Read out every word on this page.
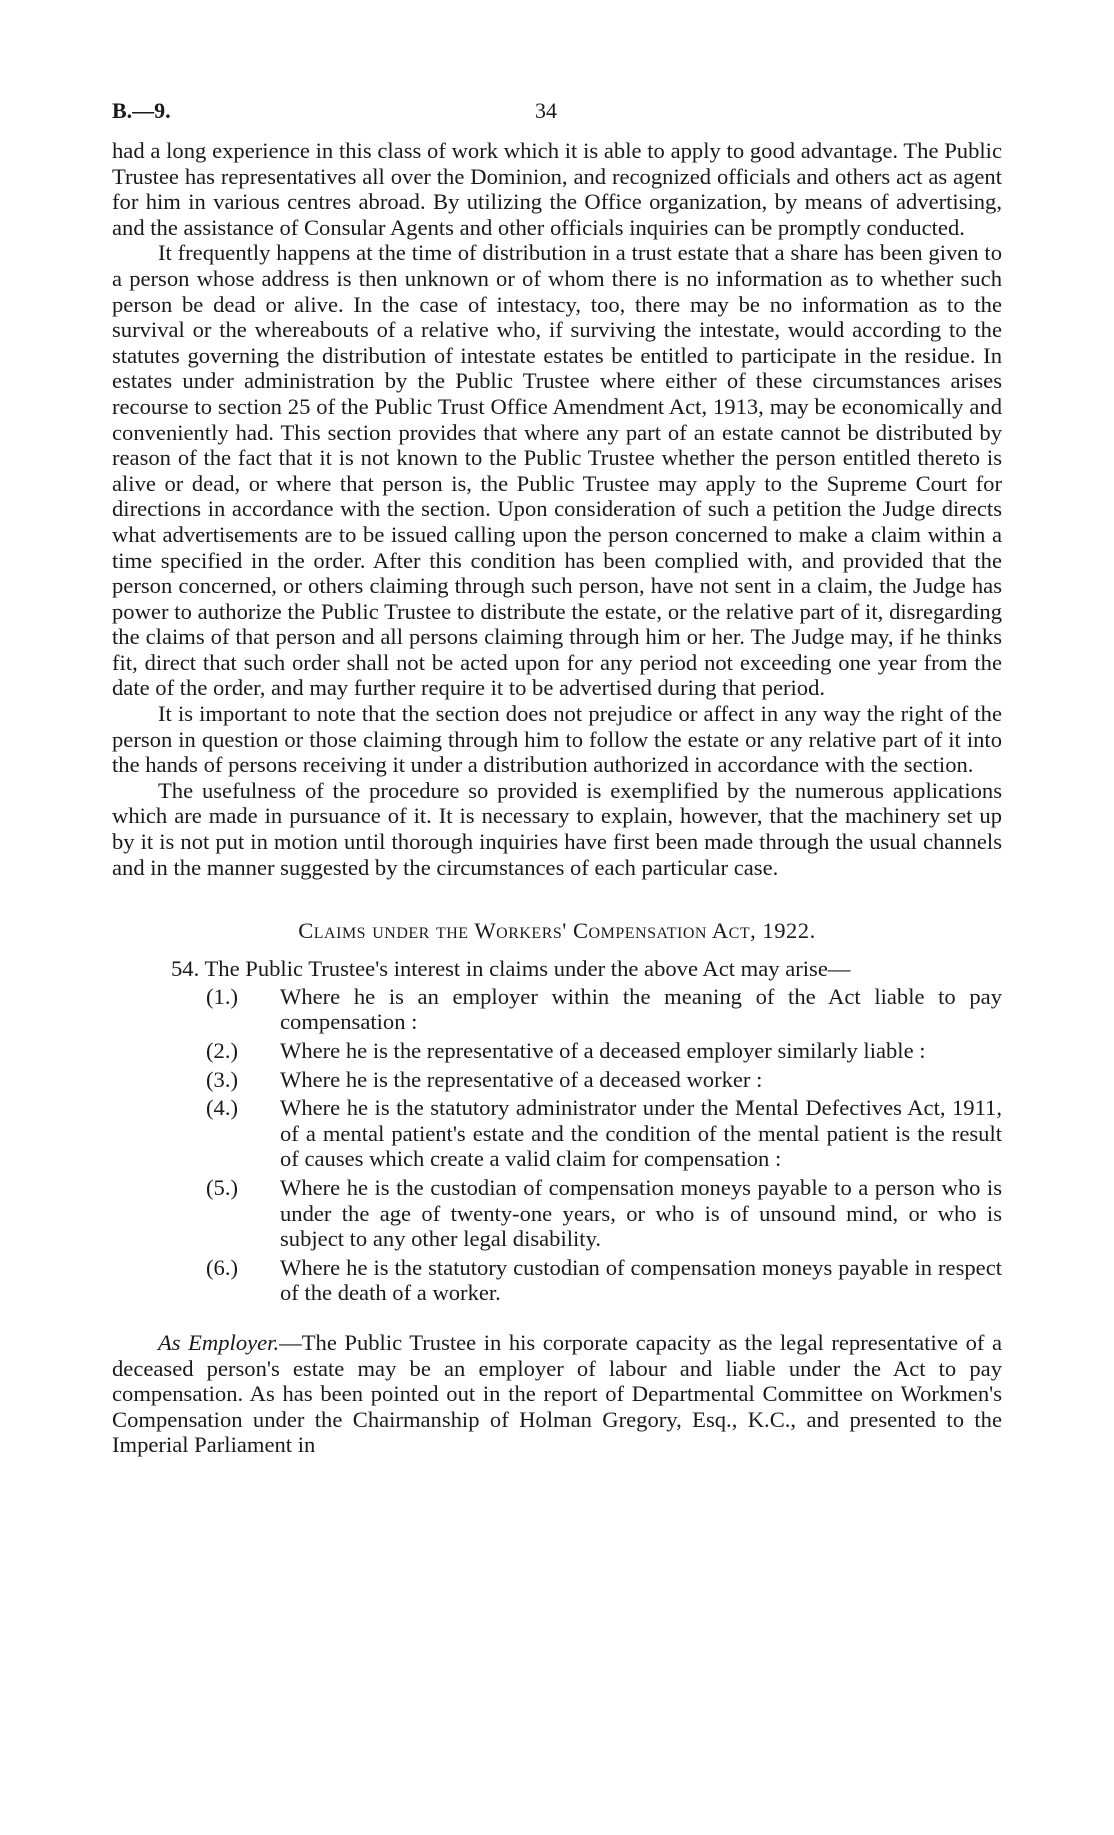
B.—9.	34

had a long experience in this class of work which it is able to apply to good advantage. The Public Trustee has representatives all over the Dominion, and recognized officials and others act as agent for him in various centres abroad. By utilizing the Office organization, by means of advertising, and the assistance of Consular Agents and other officials inquiries can be promptly conducted.

It frequently happens at the time of distribution in a trust estate that a share has been given to a person whose address is then unknown or of whom there is no information as to whether such person be dead or alive. In the case of intestacy, too, there may be no information as to the survival or the whereabouts of a relative who, if surviving the intestate, would according to the statutes governing the distribution of intestate estates be entitled to participate in the residue. In estates under administration by the Public Trustee where either of these circumstances arises recourse to section 25 of the Public Trust Office Amendment Act, 1913, may be economically and conveniently had. This section provides that where any part of an estate cannot be distributed by reason of the fact that it is not known to the Public Trustee whether the person entitled thereto is alive or dead, or where that person is, the Public Trustee may apply to the Supreme Court for directions in accordance with the section. Upon consideration of such a petition the Judge directs what advertisements are to be issued calling upon the person concerned to make a claim within a time specified in the order. After this condition has been complied with, and provided that the person concerned, or others claiming through such person, have not sent in a claim, the Judge has power to authorize the Public Trustee to distribute the estate, or the relative part of it, disregarding the claims of that person and all persons claiming through him or her. The Judge may, if he thinks fit, direct that such order shall not be acted upon for any period not exceeding one year from the date of the order, and may further require it to be advertised during that period.

It is important to note that the section does not prejudice or affect in any way the right of the person in question or those claiming through him to follow the estate or any relative part of it into the hands of persons receiving it under a distribution authorized in accordance with the section.

The usefulness of the procedure so provided is exemplified by the numerous applications which are made in pursuance of it. It is necessary to explain, however, that the machinery set up by it is not put in motion until thorough inquiries have first been made through the usual channels and in the manner suggested by the circumstances of each particular case.

Claims under the Workers' Compensation Act, 1922.

54. The Public Trustee's interest in claims under the above Act may arise—

(1.) Where he is an employer within the meaning of the Act liable to pay compensation :

(2.) Where he is the representative of a deceased employer similarly liable :

(3.) Where he is the representative of a deceased worker :

(4.) Where he is the statutory administrator under the Mental Defectives Act, 1911, of a mental patient's estate and the condition of the mental patient is the result of causes which create a valid claim for compensation :

(5.) Where he is the custodian of compensation moneys payable to a person who is under the age of twenty-one years, or who is of unsound mind, or who is subject to any other legal disability.

(6.) Where he is the statutory custodian of compensation moneys payable in respect of the death of a worker.

As Employer.—The Public Trustee in his corporate capacity as the legal representative of a deceased person's estate may be an employer of labour and liable under the Act to pay compensation. As has been pointed out in the report of Departmental Committee on Workmen's Compensation under the Chairmanship of Holman Gregory, Esq., K.C., and presented to the Imperial Parliament in
